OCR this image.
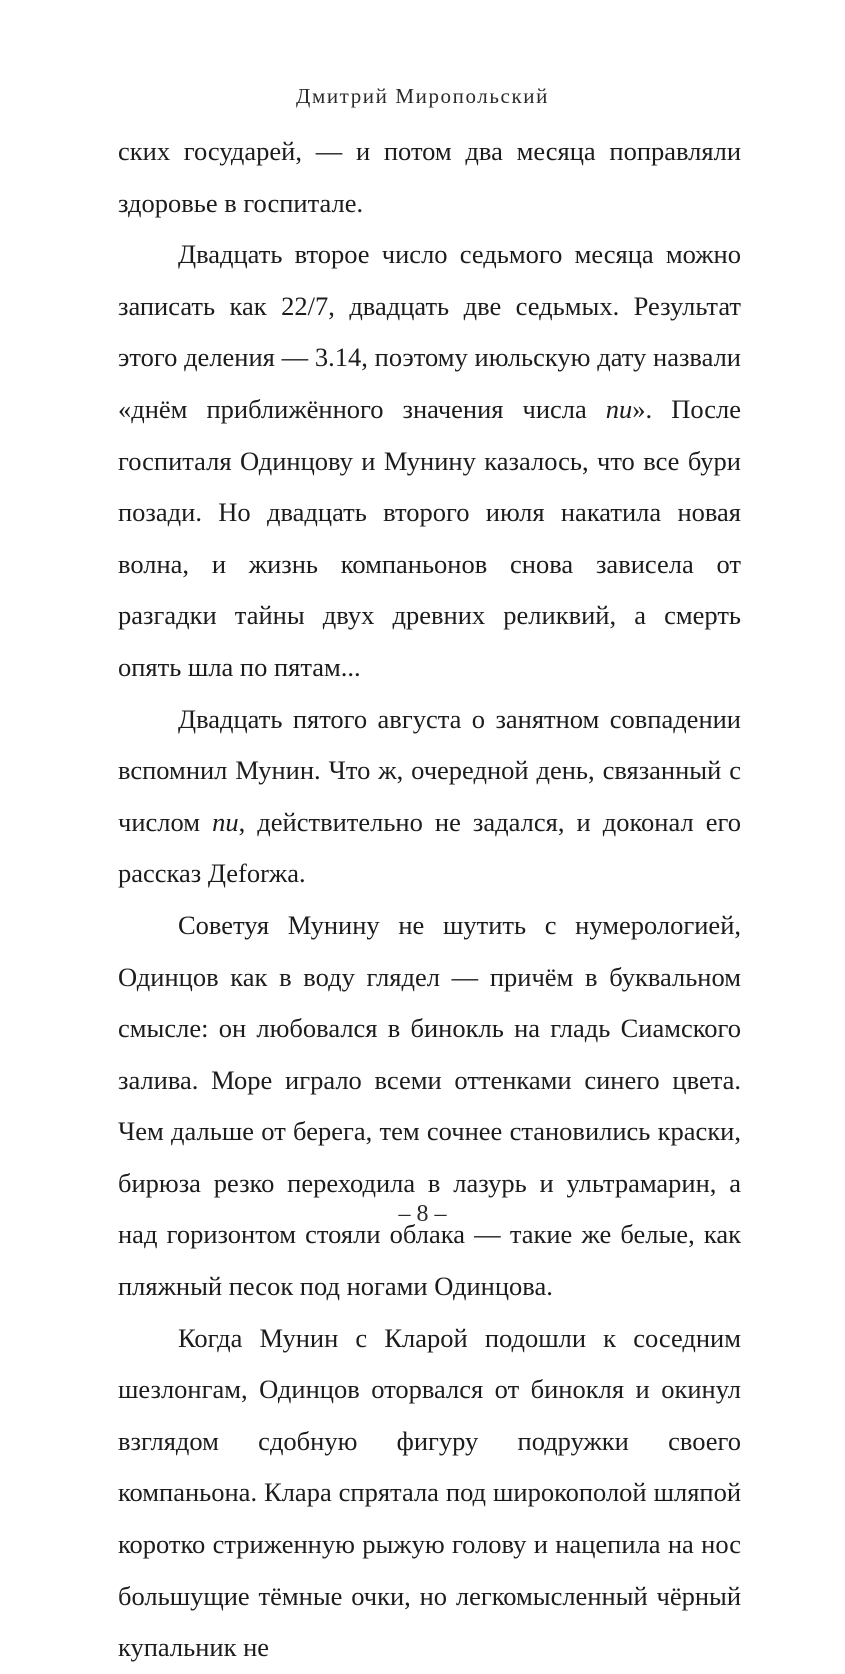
Дмитрий Миропольский

ских государей, — и потом два месяца поправляли здоровье в госпитале.

Двадцать второе число седьмого месяца можно записать как 22/7, двадцать две седьмых. Результат этого деления — 3.14, поэтому июльскую дату назвали «днём приближённого значения числа пи». После госпиталя Одинцову и Мунину казалось, что все бури позади. Но двадцать второго июля накатила новая волна, и жизнь компаньонов снова зависела от разгадки тайны двух древних реликвий, а смерть опять шла по пятам...

Двадцать пятого августа о занятном совпадении вспомнил Мунин. Что ж, очередной день, связанный с числом пи, действительно не задался, и доконал его рассказ Деforжа.

Советуя Мунину не шутить с нумерологией, Одинцов как в воду глядел — причём в буквальном смысле: он любовался в бинокль на гладь Сиамского залива. Море играло всеми оттенками синего цвета. Чем дальше от берега, тем сочнее становились краски, бирюза резко переходила в лазурь и ультрамарин, а над горизонтом стояли облака — такие же белые, как пляжный песок под ногами Одинцова.

Когда Мунин с Кларой подошли к соседним шезлонгам, Одинцов оторвался от бинокля и окинул взглядом сдобную фигуру подружки своего компаньона. Клара спрятала под широкополой шляпой коротко стриженную рыжую голову и нацепила на нос большущие тёмные очки, но легкомысленный чёрный купальник не

– 8 –
